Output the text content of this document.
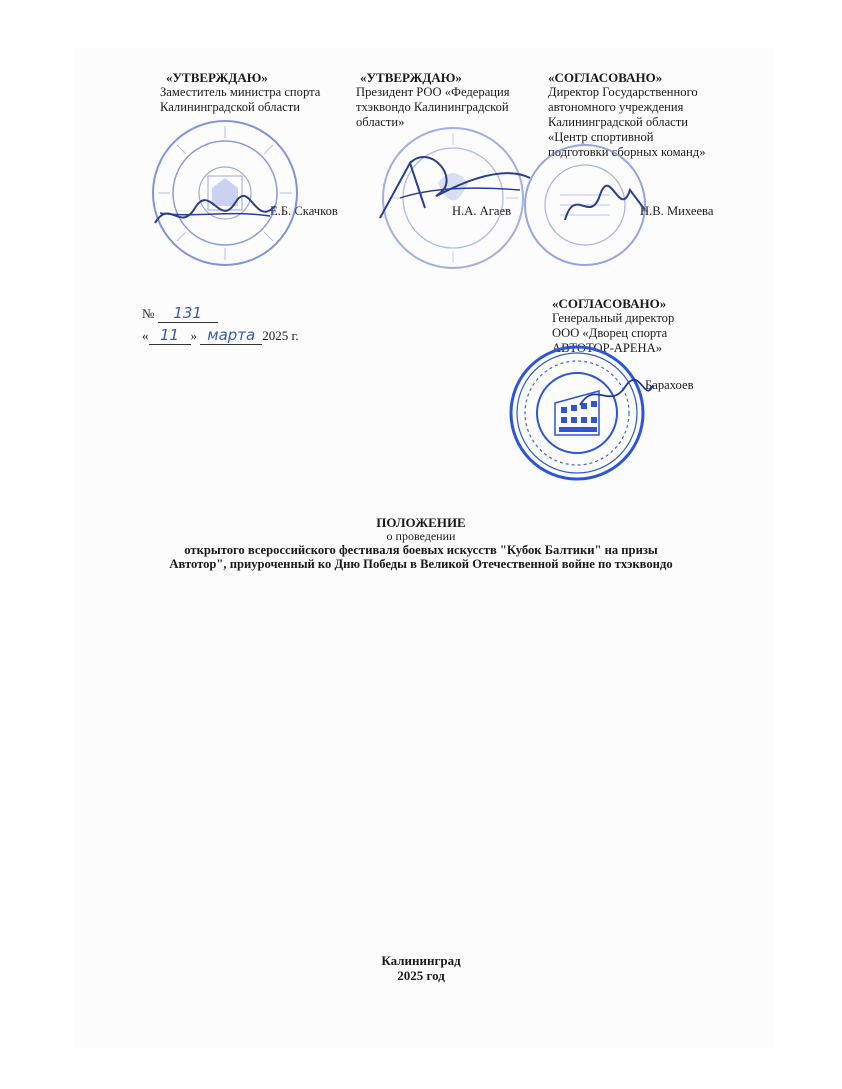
«УТВЕРЖДАЮ»
Заместитель министра спорта
Калининградской области
Е.Б. Скачков
«УТВЕРЖДАЮ»
Президент РОО «Федерация
тхэквондо Калининградской
области»
Н.А. Агаев
«СОГЛАСОВАНО»
Директор Государственного
автономного учреждения
Калининградской области
«Центр спортивной
подготовки сборных команд»
Н.В. Михеева
№ 131
« 11 » марта 2025 г.
«СОГЛАСОВАНО»
Генеральный директор
ООО «Дворец спорта
АВТОТОР-АРЕНА»
Барахоев
ПОЛОЖЕНИЕ
о проведении
открытого всероссийского фестиваля боевых искусств "Кубок Балтики" на призы
Автотор", приуроченный ко Дню Победы в Великой Отечественной войне по тхэквондо
Калининград
2025 год
